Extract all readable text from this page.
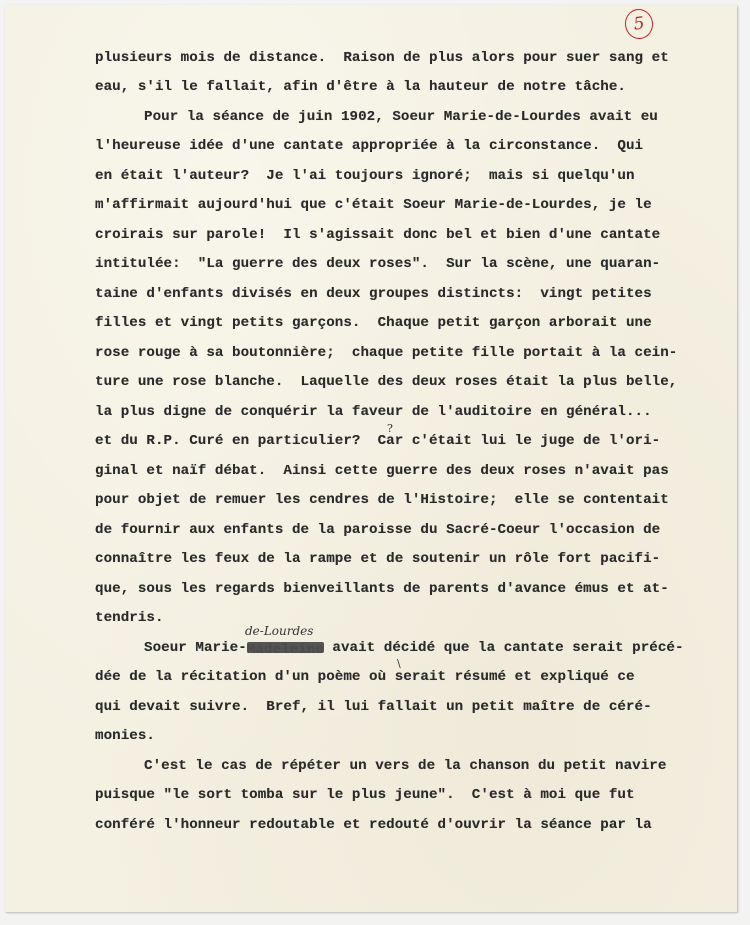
5
plusieurs mois de distance.  Raison de plus alors pour suer sang et
eau, s'il le fallait, afin d'être à la hauteur de notre tâche.
Pour la séance de juin 1902, Soeur Marie-de-Lourdes avait eu
l'heureuse idée d'une cantate appropriée à la circonstance.  Qui
en était l'auteur?  Je l'ai toujours ignoré;  mais si quelqu'un
m'affirmait aujourd'hui que c'était Soeur Marie-de-Lourdes, je le
croirais sur parole!  Il s'agissait donc bel et bien d'une cantate
intitulée:  "La guerre des deux roses".  Sur la scène, une quaran-
taine d'enfants divisés en deux groupes distincts:  vingt petites
filles et vingt petits garçons.  Chaque petit garçon arborait une
rose rouge à sa boutonnière;  chaque petite fille portait à la cein-
ture une rose blanche.  Laquelle des deux roses était la plus belle,
la plus digne de conquérir la faveur de l'auditoire en général...
?
et du R.P. Curé en particulier?  Car c'était lui le juge de l'ori-
ginal et naïf débat.  Ainsi cette guerre des deux roses n'avait pas
pour objet de remuer les cendres de l'Histoire;  elle se contentait
de fournir aux enfants de la paroisse du Sacré-Coeur l'occasion de
connaître les feux de la rampe et de soutenir un rôle fort pacifi-
que, sous les regards bienveillants de parents d'avance émus et at-
tendris.
de-Lourdes
Soeur Marie-Madeleine avait décidé que la cantate serait précé-
\
dée de la récitation d'un poème où serait résumé et expliqué ce
qui devait suivre.  Bref, il lui fallait un petit maître de céré-
monies.
C'est le cas de répéter un vers de la chanson du petit navire
puisque "le sort tomba sur le plus jeune".  C'est à moi que fut
conféré l'honneur redoutable et redouté d'ouvrir la séance par la
